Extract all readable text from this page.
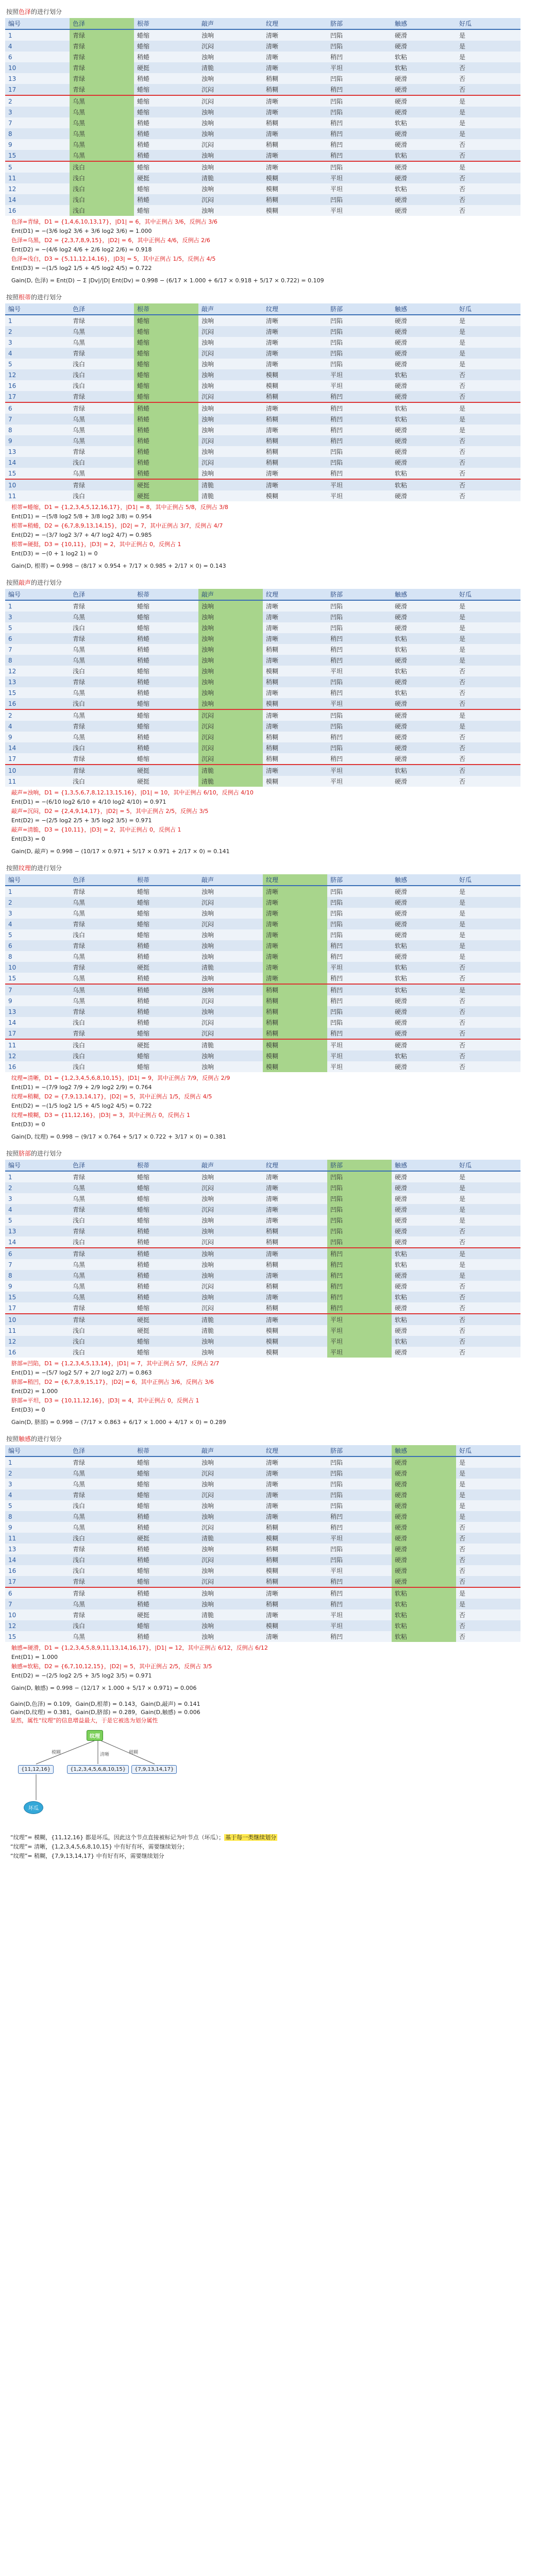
按照色泽的进行划分
编号	色泽	根蒂	敲声	纹理	脐部	触感	好瓜
1	青绿	蜷缩	浊响	清晰	凹陷	硬滑	是
4	青绿	蜷缩	沉闷	清晰	凹陷	硬滑	是
6	青绿	稍蜷	浊响	清晰	稍凹	软粘	是
10	青绿	硬挺	清脆	清晰	平坦	软粘	否
13	青绿	稍蜷	浊响	稍糊	凹陷	硬滑	否
17	青绿	蜷缩	沉闷	稍糊	稍凹	硬滑	否
2	乌黑	蜷缩	沉闷	清晰	凹陷	硬滑	是
3	乌黑	蜷缩	浊响	清晰	凹陷	硬滑	是
7	乌黑	稍蜷	浊响	稍糊	稍凹	软粘	是
8	乌黑	稍蜷	浊响	清晰	稍凹	硬滑	是
9	乌黑	稍蜷	沉闷	稍糊	稍凹	硬滑	否
15	乌黑	稍蜷	浊响	清晰	稍凹	软粘	否
5	浅白	蜷缩	浊响	清晰	凹陷	硬滑	是
11	浅白	硬挺	清脆	模糊	平坦	硬滑	否
12	浅白	蜷缩	浊响	模糊	平坦	软粘	否
14	浅白	稍蜷	沉闷	稍糊	凹陷	硬滑	否
16	浅白	蜷缩	浊响	模糊	平坦	硬滑	否
色泽=青绿，D1 = {1,4,6,10,13,17}，|D1| = 6，其中正例占 3/6，反例占 3/6
Ent(D1) = −(3/6 log2 3/6 + 3/6 log2 3/6) = 1.000
色泽=乌黑，D2 = {2,3,7,8,9,15}，|D2| = 6，其中正例占 4/6，反例占 2/6
Ent(D2) = −(4/6 log2 4/6 + 2/6 log2 2/6) = 0.918
色泽=浅白，D3 = {5,11,12,14,16}，|D3| = 5，其中正例占 1/5，反例占 4/5
Ent(D3) = −(1/5 log2 1/5 + 4/5 log2 4/5) = 0.722
Gain(D, 色泽) = Ent(D) − Σ |Dv|/|D| Ent(Dv) = 0.998 − (6/17 × 1.000 + 6/17 × 0.918 + 5/17 × 0.722) = 0.109
按照根蒂的进行划分
编号	色泽	根蒂	敲声	纹理	脐部	触感	好瓜
1	青绿	蜷缩	浊响	清晰	凹陷	硬滑	是
2	乌黑	蜷缩	沉闷	清晰	凹陷	硬滑	是
3	乌黑	蜷缩	浊响	清晰	凹陷	硬滑	是
4	青绿	蜷缩	沉闷	清晰	凹陷	硬滑	是
5	浅白	蜷缩	浊响	清晰	凹陷	硬滑	是
12	浅白	蜷缩	浊响	模糊	平坦	软粘	否
16	浅白	蜷缩	浊响	模糊	平坦	硬滑	否
17	青绿	蜷缩	沉闷	稍糊	稍凹	硬滑	否
6	青绿	稍蜷	浊响	清晰	稍凹	软粘	是
7	乌黑	稍蜷	浊响	稍糊	稍凹	软粘	是
8	乌黑	稍蜷	浊响	清晰	稍凹	硬滑	是
9	乌黑	稍蜷	沉闷	稍糊	稍凹	硬滑	否
13	青绿	稍蜷	浊响	稍糊	凹陷	硬滑	否
14	浅白	稍蜷	沉闷	稍糊	凹陷	硬滑	否
15	乌黑	稍蜷	浊响	清晰	稍凹	软粘	否
10	青绿	硬挺	清脆	清晰	平坦	软粘	否
11	浅白	硬挺	清脆	模糊	平坦	硬滑	否
根蒂=蜷缩，D1 = {1,2,3,4,5,12,16,17}，|D1| = 8，其中正例占 5/8，反例占 3/8
Ent(D1) = −(5/8 log2 5/8 + 3/8 log2 3/8) = 0.954
根蒂=稍蜷，D2 = {6,7,8,9,13,14,15}，|D2| = 7，其中正例占 3/7，反例占 4/7
Ent(D2) = −(3/7 log2 3/7 + 4/7 log2 4/7) = 0.985
根蒂=硬挺，D3 = {10,11}，|D3| = 2，其中正例占 0，反例占 1
Ent(D3) = −(0 + 1 log2 1) = 0
Gain(D, 根蒂) = 0.998 − (8/17 × 0.954 + 7/17 × 0.985 + 2/17 × 0) = 0.143
按照敲声的进行划分
编号	色泽	根蒂	敲声	纹理	脐部	触感	好瓜
1	青绿	蜷缩	浊响	清晰	凹陷	硬滑	是
3	乌黑	蜷缩	浊响	清晰	凹陷	硬滑	是
5	浅白	蜷缩	浊响	清晰	凹陷	硬滑	是
6	青绿	稍蜷	浊响	清晰	稍凹	软粘	是
7	乌黑	稍蜷	浊响	稍糊	稍凹	软粘	是
8	乌黑	稍蜷	浊响	清晰	稍凹	硬滑	是
12	浅白	蜷缩	浊响	模糊	平坦	软粘	否
13	青绿	稍蜷	浊响	稍糊	凹陷	硬滑	否
15	乌黑	稍蜷	浊响	清晰	稍凹	软粘	否
16	浅白	蜷缩	浊响	模糊	平坦	硬滑	否
2	乌黑	蜷缩	沉闷	清晰	凹陷	硬滑	是
4	青绿	蜷缩	沉闷	清晰	凹陷	硬滑	是
9	乌黑	稍蜷	沉闷	稍糊	稍凹	硬滑	否
14	浅白	稍蜷	沉闷	稍糊	凹陷	硬滑	否
17	青绿	蜷缩	沉闷	稍糊	稍凹	硬滑	否
10	青绿	硬挺	清脆	清晰	平坦	软粘	否
11	浅白	硬挺	清脆	模糊	平坦	硬滑	否
敲声=浊响，D1 = {1,3,5,6,7,8,12,13,15,16}，|D1| = 10，其中正例占 6/10，反例占 4/10
Ent(D1) = −(6/10 log2 6/10 + 4/10 log2 4/10) = 0.971
敲声=沉闷，D2 = {2,4,9,14,17}，|D2| = 5，其中正例占 2/5，反例占 3/5
Ent(D2) = −(2/5 log2 2/5 + 3/5 log2 3/5) = 0.971
敲声=清脆，D3 = {10,11}，|D3| = 2，其中正例占 0，反例占 1
Ent(D3) = 0
Gain(D, 敲声) = 0.998 − (10/17 × 0.971 + 5/17 × 0.971 + 2/17 × 0) = 0.141
按照纹理的进行划分
编号	色泽	根蒂	敲声	纹理	脐部	触感	好瓜
1	青绿	蜷缩	浊响	清晰	凹陷	硬滑	是
2	乌黑	蜷缩	沉闷	清晰	凹陷	硬滑	是
3	乌黑	蜷缩	浊响	清晰	凹陷	硬滑	是
4	青绿	蜷缩	沉闷	清晰	凹陷	硬滑	是
5	浅白	蜷缩	浊响	清晰	凹陷	硬滑	是
6	青绿	稍蜷	浊响	清晰	稍凹	软粘	是
8	乌黑	稍蜷	浊响	清晰	稍凹	硬滑	是
10	青绿	硬挺	清脆	清晰	平坦	软粘	否
15	乌黑	稍蜷	浊响	清晰	稍凹	软粘	否
7	乌黑	稍蜷	浊响	稍糊	稍凹	软粘	是
9	乌黑	稍蜷	沉闷	稍糊	稍凹	硬滑	否
13	青绿	稍蜷	浊响	稍糊	凹陷	硬滑	否
14	浅白	稍蜷	沉闷	稍糊	凹陷	硬滑	否
17	青绿	蜷缩	沉闷	稍糊	稍凹	硬滑	否
11	浅白	硬挺	清脆	模糊	平坦	硬滑	否
12	浅白	蜷缩	浊响	模糊	平坦	软粘	否
16	浅白	蜷缩	浊响	模糊	平坦	硬滑	否
纹理=清晰，D1 = {1,2,3,4,5,6,8,10,15}，|D1| = 9，其中正例占 7/9，反例占 2/9
Ent(D1) = −(7/9 log2 7/9 + 2/9 log2 2/9) = 0.764
纹理=稍糊，D2 = {7,9,13,14,17}，|D2| = 5，其中正例占 1/5，反例占 4/5
Ent(D2) = −(1/5 log2 1/5 + 4/5 log2 4/5) = 0.722
纹理=模糊，D3 = {11,12,16}，|D3| = 3，其中正例占 0，反例占 1
Ent(D3) = 0
Gain(D, 纹理) = 0.998 − (9/17 × 0.764 + 5/17 × 0.722 + 3/17 × 0) = 0.381
按照脐部的进行划分
编号	色泽	根蒂	敲声	纹理	脐部	触感	好瓜
1	青绿	蜷缩	浊响	清晰	凹陷	硬滑	是
2	乌黑	蜷缩	沉闷	清晰	凹陷	硬滑	是
3	乌黑	蜷缩	浊响	清晰	凹陷	硬滑	是
4	青绿	蜷缩	沉闷	清晰	凹陷	硬滑	是
5	浅白	蜷缩	浊响	清晰	凹陷	硬滑	是
13	青绿	稍蜷	浊响	稍糊	凹陷	硬滑	否
14	浅白	稍蜷	沉闷	稍糊	凹陷	硬滑	否
6	青绿	稍蜷	浊响	清晰	稍凹	软粘	是
7	乌黑	稍蜷	浊响	稍糊	稍凹	软粘	是
8	乌黑	稍蜷	浊响	清晰	稍凹	硬滑	是
9	乌黑	稍蜷	沉闷	稍糊	稍凹	硬滑	否
15	乌黑	稍蜷	浊响	清晰	稍凹	软粘	否
17	青绿	蜷缩	沉闷	稍糊	稍凹	硬滑	否
10	青绿	硬挺	清脆	清晰	平坦	软粘	否
11	浅白	硬挺	清脆	模糊	平坦	硬滑	否
12	浅白	蜷缩	浊响	模糊	平坦	软粘	否
16	浅白	蜷缩	浊响	模糊	平坦	硬滑	否
脐部=凹陷，D1 = {1,2,3,4,5,13,14}，|D1| = 7，其中正例占 5/7，反例占 2/7
Ent(D1) = −(5/7 log2 5/7 + 2/7 log2 2/7) = 0.863
脐部=稍凹，D2 = {6,7,8,9,15,17}，|D2| = 6，其中正例占 3/6，反例占 3/6
Ent(D2) = 1.000
脐部=平坦，D3 = {10,11,12,16}，|D3| = 4，其中正例占 0，反例占 1
Ent(D3) = 0
Gain(D, 脐部) = 0.998 − (7/17 × 0.863 + 6/17 × 1.000 + 4/17 × 0) = 0.289
按照触感的进行划分
编号	色泽	根蒂	敲声	纹理	脐部	触感	好瓜
1	青绿	蜷缩	浊响	清晰	凹陷	硬滑	是
2	乌黑	蜷缩	沉闷	清晰	凹陷	硬滑	是
3	乌黑	蜷缩	浊响	清晰	凹陷	硬滑	是
4	青绿	蜷缩	沉闷	清晰	凹陷	硬滑	是
5	浅白	蜷缩	浊响	清晰	凹陷	硬滑	是
8	乌黑	稍蜷	浊响	清晰	稍凹	硬滑	是
9	乌黑	稍蜷	沉闷	稍糊	稍凹	硬滑	否
11	浅白	硬挺	清脆	模糊	平坦	硬滑	否
13	青绿	稍蜷	浊响	稍糊	凹陷	硬滑	否
14	浅白	稍蜷	沉闷	稍糊	凹陷	硬滑	否
16	浅白	蜷缩	浊响	模糊	平坦	硬滑	否
17	青绿	蜷缩	沉闷	稍糊	稍凹	硬滑	否
6	青绿	稍蜷	浊响	清晰	稍凹	软粘	是
7	乌黑	稍蜷	浊响	稍糊	稍凹	软粘	是
10	青绿	硬挺	清脆	清晰	平坦	软粘	否
12	浅白	蜷缩	浊响	模糊	平坦	软粘	否
15	乌黑	稍蜷	浊响	清晰	稍凹	软粘	否
触感=硬滑，D1 = {1,2,3,4,5,8,9,11,13,14,16,17}，|D1| = 12，其中正例占 6/12，反例占 6/12
Ent(D1) = 1.000
触感=软粘，D2 = {6,7,10,12,15}，|D2| = 5，其中正例占 2/5，反例占 3/5
Ent(D2) = −(2/5 log2 2/5 + 3/5 log2 3/5) = 0.971
Gain(D, 触感) = 0.998 − (12/17 × 1.000 + 5/17 × 0.971) = 0.006
Gain(D,色泽) = 0.109，Gain(D,根蒂) = 0.143，Gain(D,敲声) = 0.141
Gain(D,纹理) = 0.381，Gain(D,脐部) = 0.289，Gain(D,触感) = 0.006
显然，属性“纹理”的信息增益最大，于是它被选为划分属性
纹理
{11,12,16}	{1,2,3,4,5,6,8,10,15}	{7,9,13,14,17}
模糊	清晰	稍糊
坏瓜
“纹理”= 模糊，{11,12,16} 都是坏瓜，因此这个节点直接被标记为叶节点（坏瓜）； 基于每一类继续划分
“纹理”= 清晰，{1,2,3,4,5,6,8,10,15} 中有好有坏，需要继续划分；
“纹理”= 稍糊，{7,9,13,14,17} 中有好有坏，需要继续划分
